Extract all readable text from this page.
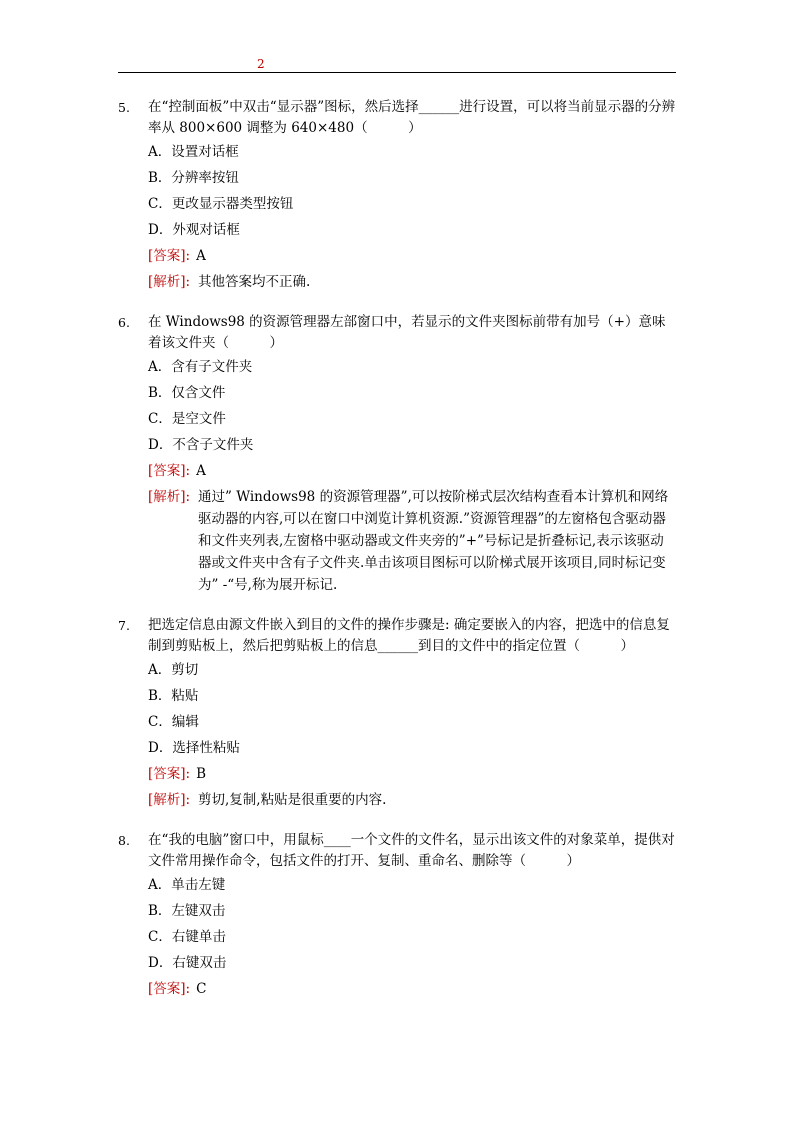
2
5.	在“控制面板”中双击“显示器”图标，然后选择______进行设置，可以将当前显示器的分辨率从 800×600 调整为 640×480（　　　）
A．设置对话框
B．分辨率按钮
C．更改显示器类型按钮
D．外观对话框
[答案]: A
[解析]: 其他答案均不正确.
6.	在 Windows98 的资源管理器左部窗口中，若显示的文件夹图标前带有加号（+）意味着该文件夹（　　　）
A．含有子文件夹
B．仅含文件
C．是空文件
D．不含子文件夹
[答案]: A
[解析]: 通过” Windows98 的资源管理器”,可以按阶梯式层次结构查看本计算机和网络驱动器的内容,可以在窗口中浏览计算机资源.”资源管理器”的左窗格包含驱动器和文件夹列表,左窗格中驱动器或文件夹旁的”+”号标记是折叠标记,表示该驱动器或文件夹中含有子文件夹.单击该项目图标可以阶梯式展开该项目,同时标记变为” -“号,称为展开标记.
7.	把选定信息由源文件嵌入到目的文件的操作步骤是: 确定要嵌入的内容，把选中的信息复制到剪贴板上，然后把剪贴板上的信息______到目的文件中的指定位置（　　　）
A．剪切
B．粘贴
C．编辑
D．选择性粘贴
[答案]: B
[解析]: 剪切,复制,粘贴是很重要的内容.
8.	在“我的电脑”窗口中，用鼠标____一个文件的文件名，显示出该文件的对象菜单，提供对文件常用操作命令，包括文件的打开、复制、重命名、删除等（　　　）
A．单击左键
B．左键双击
C．右键单击
D．右键双击
[答案]: C
